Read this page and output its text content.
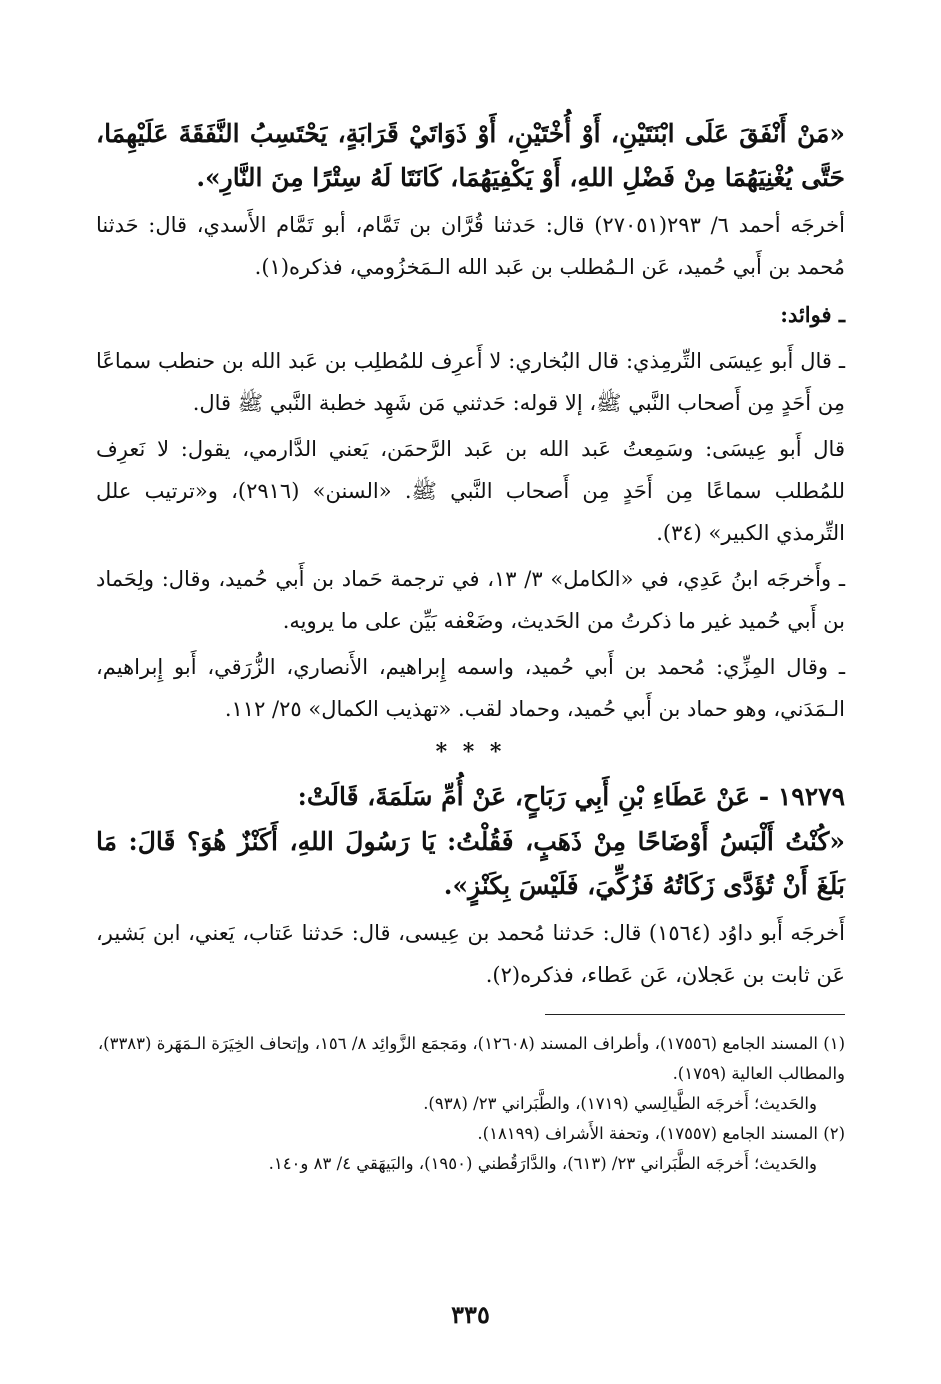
«مَنْ أَنْفَقَ عَلَى ابْنَتَيْنِ، أَوْ أُخْتَيْنِ، أَوْ ذَوَاتَيْ قَرَابَةٍ، يَحْتَسِبُ النَّفَقَةَ عَلَيْهِمَا، حَتَّى يُغْنِيَهُمَا مِنْ فَضْلِ اللهِ، أَوْ يَكْفِيَهُمَا، كَانَتَا لَهُ سِتْرًا مِنَ النَّارِ».

أخرجَه أحمد ٦/ ٢٩٣(٢٧٠٥١) قال: حَدثنا قُرَّان بن تَمَّام، أبو تَمَّام الأَسدي، قال: حَدثنا مُحمد بن أَبي حُميد، عَن الـمُطلب بن عَبد الله الـمَخزُومي، فذكره(١).

ـ فوائد:

ـ قال أَبو عِيسَى التِّرمِذي: قال البُخاري: لا أَعرِف للمُطلِب بن عَبد الله بن حنطب سماعًا مِن أَحَدٍ مِن أَصحاب النَّبي ﷺ، إلا قوله: حَدثني مَن شَهِد خطبة النَّبي ﷺ قال.

قال أَبو عِيسَى: وسَمِعتُ عَبد الله بن عَبد الرَّحمَن، يَعني الدَّارمي، يقول: لا نَعرِف للمُطلب سماعًا مِن أَحَدٍ مِن أَصحاب النَّبي ﷺ. «السنن» (٢٩١٦)، و«ترتيب علل التِّرمذي الكبير» (٣٤).

ـ وأَخرجَه ابنُ عَدِي، في «الكامل» ٣/ ١٣، في ترجمة حَماد بن أَبي حُميد، وقال: ولِحَماد بن أَبي حُميد غير ما ذكرتُ من الحَديث، وضَعْفه بَيِّن على ما يرويه.

ـ وقال المِزِّي: مُحمد بن أَبي حُميد، واسمه إِبراهيم، الأَنصاري، الزُّرَقي، أَبو إِبراهيم، الـمَدَني، وهو حماد بن أَبي حُميد، وحماد لقب. «تهذيب الكمال» ٢٥/ ١١٢.

* * *

١٩٢٧٩ - عَنْ عَطَاءِ بْنِ أَبِي رَبَاحٍ، عَنْ أُمِّ سَلَمَةَ، قَالَتْ:

«كُنْتُ أَلْبَسُ أَوْضَاحًا مِنْ ذَهَبٍ، فَقُلْتُ: يَا رَسُولَ اللهِ، أَكَنْزٌ هُوَ؟ قَالَ: مَا بَلَغَ أَنْ تُؤَدَّى زَكَاتُهُ فَزُكِّيَ، فَلَيْسَ بِكَنْزٍ».

أَخرجَه أَبو داوُد (١٥٦٤) قال: حَدثنا مُحمد بن عِيسى، قال: حَدثنا عَتاب، يَعني، ابن بَشير، عَن ثابت بن عَجلان، عَن عَطاء، فذكره(٢).

(١) المسند الجامع (١٧٥٥٦)، وأطراف المسند (١٢٦٠٨)، ومَجمَع الزَّوائِد ٨/ ١٥٦، وإتحاف الخِيَرَة الـمَهَرة (٣٣٨٣)، والمطالب العالية (١٧٥٩).

والحَديث؛ أَخرجَه الطَّيالِسي (١٧١٩)، والطَّبَراني ٢٣/ (٩٣٨).

(٢) المسند الجامع (١٧٥٥٧)، وتحفة الأَشراف (١٨١٩٩).

والحَديث؛ أَخرجَه الطَّبَراني ٢٣/ (٦١٣)، والدَّارَقُطني (١٩٥٠)، والبَيهَقي ٤/ ٨٣ و١٤٠.

٣٣٥
